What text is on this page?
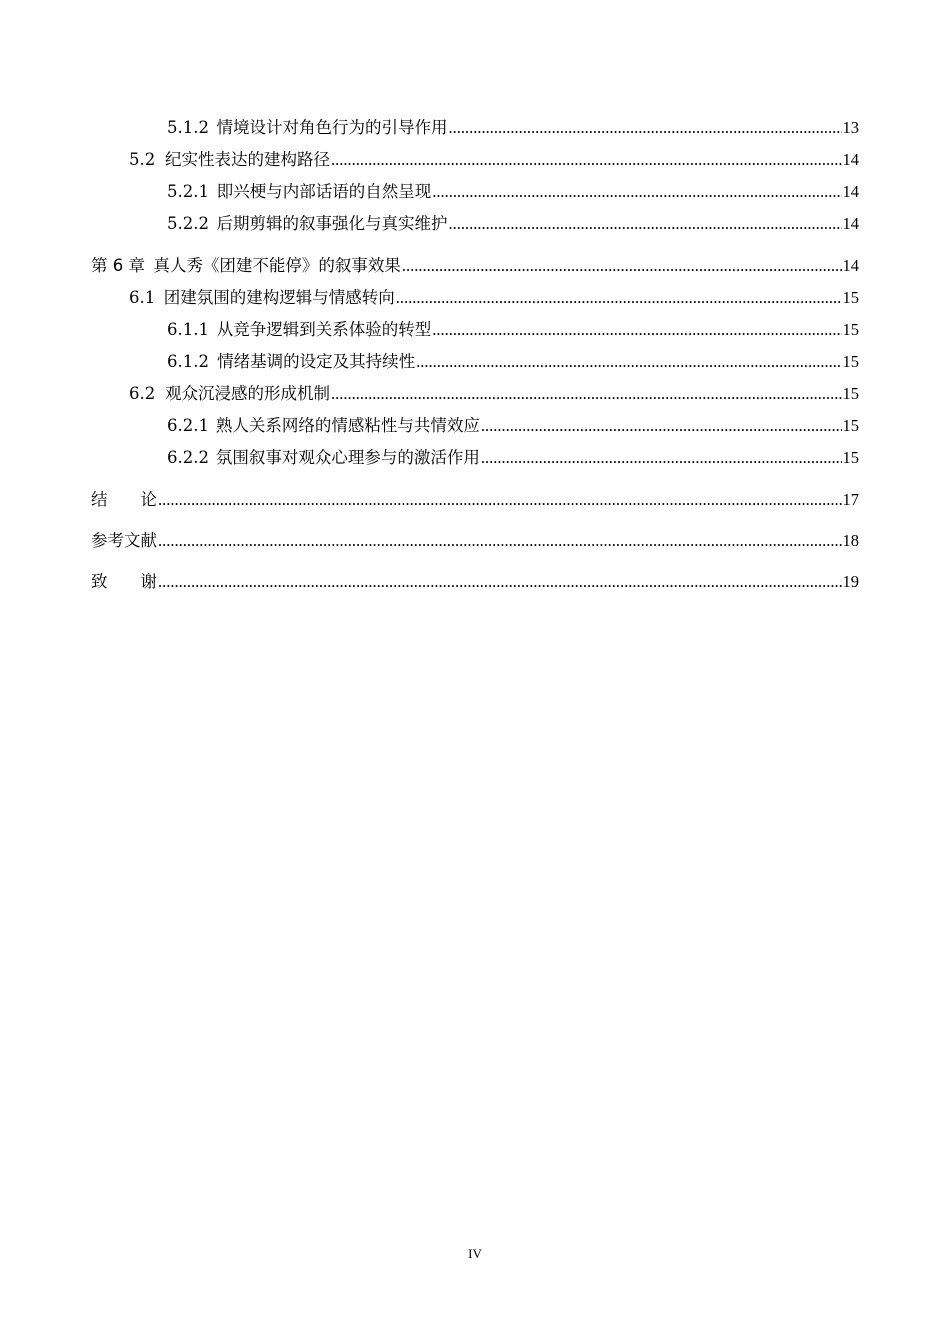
5.1.2 情境设计对角色行为的引导作用 .....	13
5.2 纪实性表达的建构路径 .....	14
5.2.1 即兴梗与内部话语的自然呈现 .....	14
5.2.2 后期剪辑的叙事强化与真实维护 .....	14
第 6 章 真人秀《团建不能停》的叙事效果 .....	14
6.1 团建氛围的建构逻辑与情感转向 .....	15
6.1.1 从竞争逻辑到关系体验的转型 .....	15
6.1.2 情绪基调的设定及其持续性 .....	15
6.2 观众沉浸感的形成机制 .....	15
6.2.1 熟人关系网络的情感粘性与共情效应 .....	15
6.2.2 氛围叙事对观众心理参与的激活作用 .....	15
结　　论 .....	17
参考文献 .....	18
致　　谢 .....	19
IV
